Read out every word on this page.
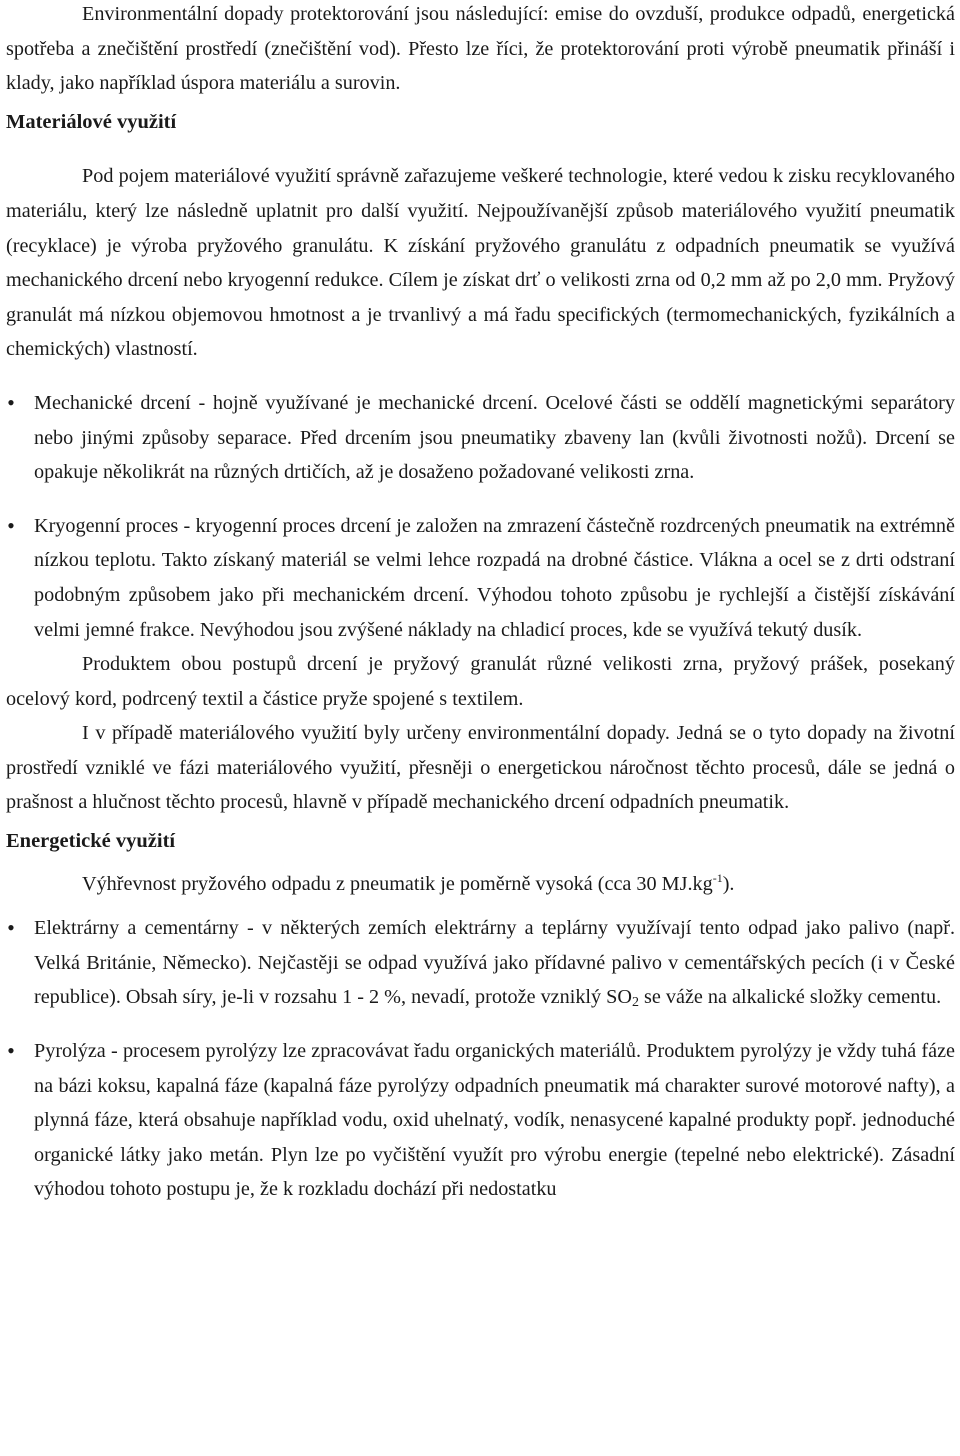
Environmentální dopady protektorování jsou následující: emise do ovzduší, produkce odpadů, energetická spotřeba a znečištění prostředí (znečištění vod). Přesto lze říci, že protektorování proti výrobě pneumatik přináší i klady, jako například úspora materiálu a surovin.

Materiálové využití

Pod pojem materiálové využití správně zařazujeme veškeré technologie, které vedou k zisku recyklovaného materiálu, který lze následně uplatnit pro další využití. Nejpoužívanější způsob materiálového využití pneumatik (recyklace) je výroba pryžového granulátu. K získání pryžového granulátu z odpadních pneumatik se využívá mechanického drcení nebo kryogenní redukce. Cílem je získat drť o velikosti zrna od 0,2 mm až po 2,0 mm. Pryžový granulát má nízkou objemovou hmotnost a je trvanlivý a má řadu specifických (termomechanických, fyzikálních a chemických) vlastností.

•
Mechanické drcení - hojně využívané je mechanické drcení. Ocelové části se oddělí magnetickými separátory nebo jinými způsoby separace. Před drcením jsou pneumatiky zbaveny lan (kvůli životnosti nožů). Drcení se opakuje několikrát na různých drtičích, až je dosaženo požadované velikosti zrna.
•
Kryogenní proces - kryogenní proces drcení je založen na zmrazení částečně rozdrcených pneumatik na extrémně nízkou teplotu. Takto získaný materiál se velmi lehce rozpadá na drobné částice. Vlákna a ocel se z drti odstraní podobným způsobem jako při mechanickém drcení. Výhodou tohoto způsobu je rychlejší a čistější získávání velmi jemné frakce. Nevýhodou jsou zvýšené náklady na chladicí proces, kde se využívá tekutý dusík.

Produktem obou postupů drcení je pryžový granulát různé velikosti zrna, pryžový prášek, posekaný ocelový kord, podrcený textil a částice pryže spojené s textilem.

I v případě materiálového využití byly určeny environmentální dopady. Jedná se o tyto dopady na životní prostředí vzniklé ve fázi materiálového využití, přesněji o energetickou náročnost těchto procesů, dále se jedná o prašnost a hlučnost těchto procesů, hlavně v případě mechanického drcení odpadních pneumatik.

Energetické využití

Výhřevnost pryžového odpadu z pneumatik je poměrně vysoká (cca 30 $MJ.kg^{-1}$).

•
Elektrárny a cementárny - v některých zemích elektrárny a teplárny využívají tento odpad jako palivo (např. Velká Británie, Německo). Nejčastěji se odpad využívá jako přídavné palivo v cementářských pecích (i v České republice). Obsah síry, je-li v rozsahu 1 - 2 %, nevadí, protože vzniklý $SO_2$ se váže na alkalické složky cementu.
•
Pyrolýza - procesem pyrolýzy lze zpracovávat řadu organických materiálů. Produktem pyrolýzy je vždy tuhá fáze na bázi koksu, kapalná fáze (kapalná fáze pyrolýzy odpadních pneumatik má charakter surové motorové nafty), a plynná fáze, která obsahuje například vodu, oxid uhelnatý, vodík, nenasycené kapalné produkty popř. jednoduché organické látky jako metán. Plyn lze po vyčištění využít pro výrobu energie (tepelné nebo elektrické). Zásadní výhodou tohoto postupu je, že k rozkladu dochází při nedostatku
